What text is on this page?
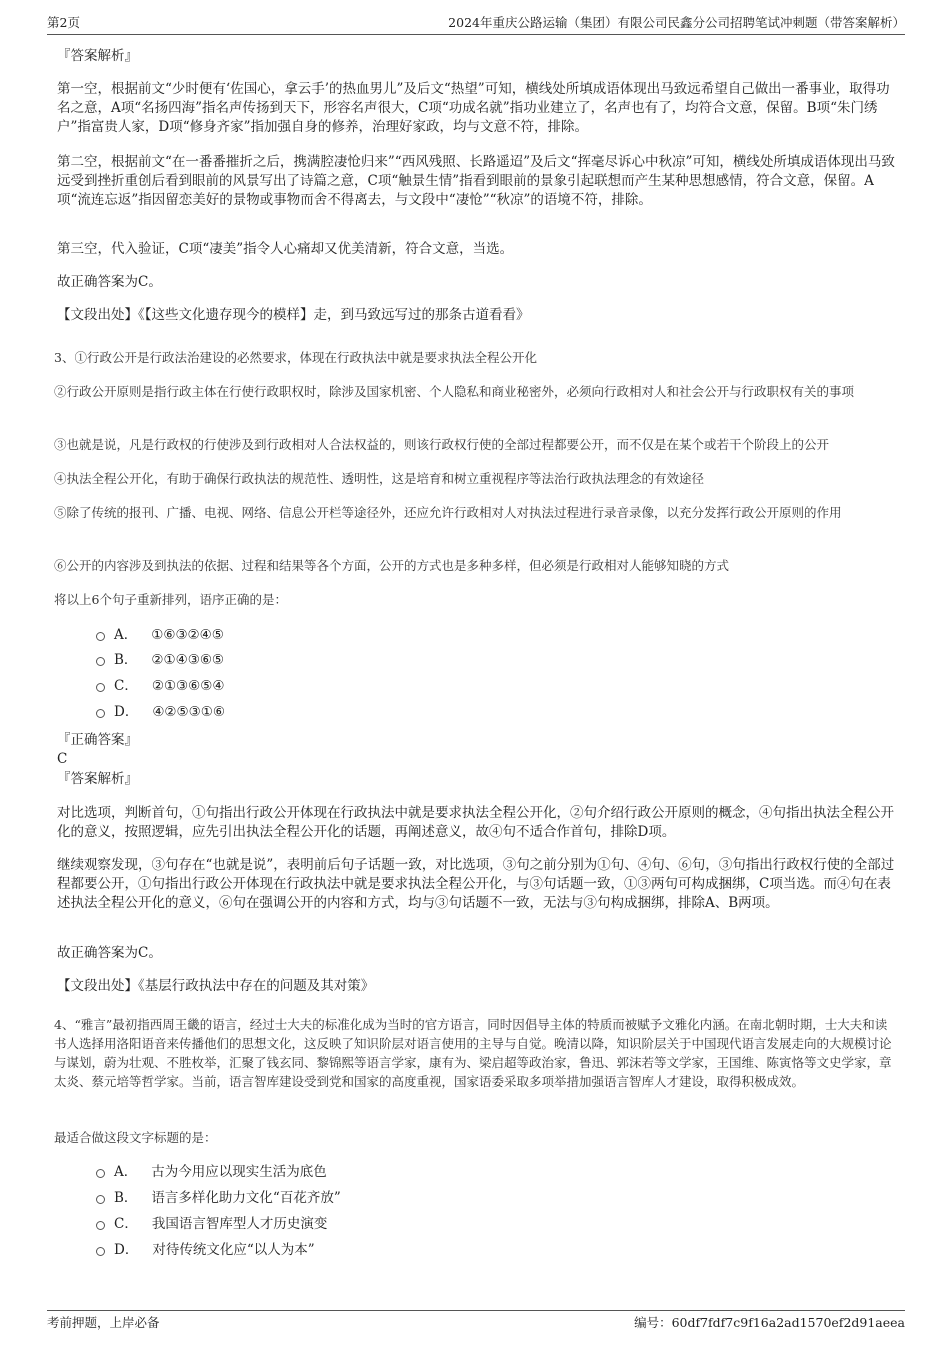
第2页	2024年重庆公路运输（集团）有限公司民鑫分公司招聘笔试冲刺题（带答案解析）
『答案解析』
第一空，根据前文“少时便有‘佐国心，拿云手’的热血男儿”及后文“热望”可知，横线处所填成语体现出马致远希望自己做出一番事业，取得功名之意，A项“名扬四海”指名声传扬到天下，形容名声很大，C项“功成名就”指功业建立了，名声也有了，均符合文意，保留。B项“朱门绣户”指富贵人家，D项“修身齐家”指加强自身的修养，治理好家政，均与文意不符，排除。
第二空，根据前文“在一番番摧折之后，携满腔凄怆归来”“西风残照、长路遥迢”及后文“挥毫尽诉心中秋凉”可知，横线处所填成语体现出马致远受到挫折重创后看到眼前的风景写出了诗篇之意，C项“触景生情”指看到眼前的景象引起联想而产生某种思想感情，符合文意，保留。A项“流连忘返”指因留恋美好的景物或事物而舍不得离去，与文段中“凄怆”“秋凉”的语境不符，排除。
第三空，代入验证，C项“凄美”指令人心痛却又优美清新，符合文意，当选。
故正确答案为C。
【文段出处】《【这些文化遗存现今的模样】走，到马致远写过的那条古道看看》
3、①行政公开是行政法治建设的必然要求，体现在行政执法中就是要求执法全程公开化
②行政公开原则是指行政主体在行使行政职权时，除涉及国家机密、个人隐私和商业秘密外，必须向行政相对人和社会公开与行政职权有关的事项
③也就是说，凡是行政权的行使涉及到行政相对人合法权益的，则该行政权行使的全部过程都要公开，而不仅是在某个或若干个阶段上的公开
④执法全程公开化，有助于确保行政执法的规范性、透明性，这是培育和树立重视程序等法治行政执法理念的有效途径
⑤除了传统的报刊、广播、电视、网络、信息公开栏等途径外，还应允许行政相对人对执法过程进行录音录像，以充分发挥行政公开原则的作用
⑥公开的内容涉及到执法的依据、过程和结果等各个方面，公开的方式也是多种多样，但必须是行政相对人能够知晓的方式
将以上6个句子重新排列，语序正确的是：
A． ①⑥③②④⑤
B． ②①④③⑥⑤
C． ②①③⑥⑤④
D． ④②⑤③①⑥
『正确答案』
C
『答案解析』
对比选项，判断首句，①句指出行政公开体现在行政执法中就是要求执法全程公开化，②句介绍行政公开原则的概念，④句指出执法全程公开化的意义，按照逻辑，应先引出执法全程公开化的话题，再阐述意义，故④句不适合作首句，排除D项。
继续观察发现，③句存在“也就是说”，表明前后句子话题一致，对比选项，③句之前分别为①句、④句、⑥句，③句指出行政权行使的全部过程都要公开，①句指出行政公开体现在行政执法中就是要求执法全程公开化，与③句话题一致，①③两句可构成捆绑，C项当选。而④句在表述执法全程公开化的意义，⑥句在强调公开的内容和方式，均与③句话题不一致，无法与③句构成捆绑，排除A、B两项。
故正确答案为C。
【文段出处】《基层行政执法中存在的问题及其对策》
4、“雅言”最初指西周王畿的语言，经过士大夫的标准化成为当时的官方语言，同时因倡导主体的特质而被赋予文雅化内涵。在南北朝时期，士大夫和读书人选择用洛阳语音来传播他们的思想文化，这反映了知识阶层对语言使用的主导与自觉。晚清以降，知识阶层关于中国现代语言发展走向的大规模讨论与谋划，蔚为壮观、不胜枚举，汇聚了钱玄同、黎锦熙等语言学家，康有为、梁启超等政治家，鲁迅、郭沫若等文学家，王国维、陈寅恪等文史学家，章太炎、蔡元培等哲学家。当前，语言智库建设受到党和国家的高度重视，国家语委采取多项举措加强语言智库人才建设，取得积极成效。
最适合做这段文字标题的是：
A． 古为今用应以现实生活为底色
B． 语言多样化助力文化“百花齐放”
C． 我国语言智库型人才历史演变
D． 对待传统文化应“以人为本”
考前押题，上岸必备	编号：60df7fdf7c9f16a2ad1570ef2d91aeea
